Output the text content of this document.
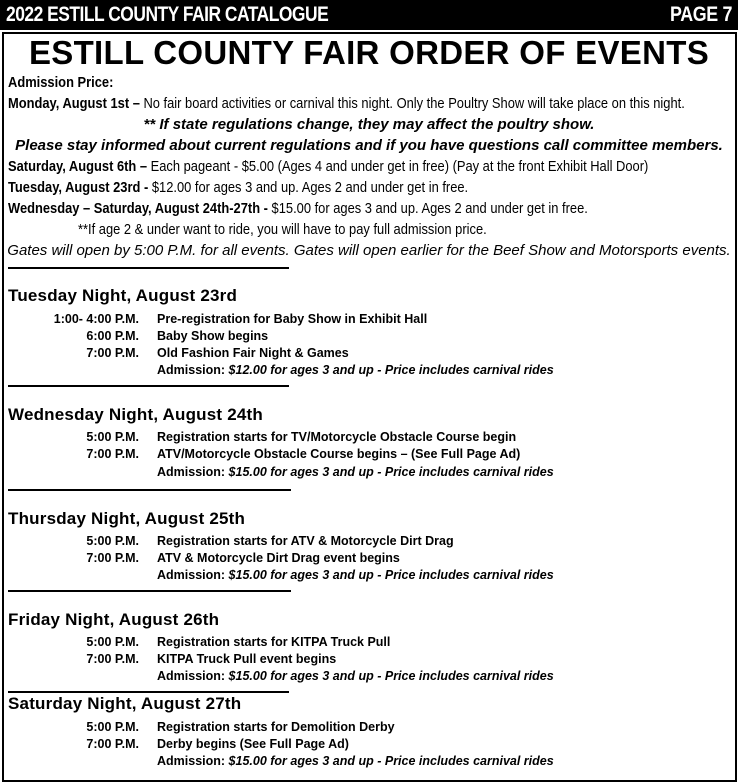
2022 ESTILL COUNTY FAIR CATALOGUE	PAGE 7
ESTILL COUNTY FAIR ORDER OF EVENTS
Admission Price:
Monday, August 1st – No fair board activities or carnival this night. Only the Poultry Show will take place on this night.
** If state regulations change, they may affect the poultry show.
Please stay informed about current regulations and if you have questions call committee members.
Saturday, August 6th – Each pageant - $5.00 (Ages 4 and under get in free) (Pay at the front Exhibit Hall Door)
Tuesday, August 23rd - $12.00 for ages 3 and up. Ages 2 and under get in free.
Wednesday – Saturday, August 24th-27th - $15.00 for ages 3 and up. Ages 2 and under get in free.
**If age 2 & under want to ride, you will have to pay full admission price.
Gates will open by 5:00 P.M. for all events. Gates will open earlier for the Beef Show and Motorsports events.
Tuesday Night, August 23rd
1:00- 4:00 P.M. Pre-registration for Baby Show in Exhibit Hall
6:00 P.M. Baby Show begins
7:00 P.M. Old Fashion Fair Night & Games
Admission: $12.00 for ages 3 and up - Price includes carnival rides
Wednesday Night, August 24th
5:00 P.M. Registration starts for TV/Motorcycle Obstacle Course begin
7:00 P.M. ATV/Motorcycle Obstacle Course begins – (See Full Page Ad)
Admission: $15.00 for ages 3 and up - Price includes carnival rides
Thursday Night, August 25th
5:00 P.M. Registration starts for ATV & Motorcycle Dirt Drag
7:00 P.M. ATV & Motorcycle Dirt Drag event begins
Admission: $15.00 for ages 3 and up - Price includes carnival rides
Friday Night, August 26th
5:00 P.M. Registration starts for KITPA Truck Pull
7:00 P.M. KITPA Truck Pull event begins
Admission: $15.00 for ages 3 and up - Price includes carnival rides
Saturday Night, August 27th
5:00 P.M. Registration starts for Demolition Derby
7:00 P.M. Derby begins (See Full Page Ad)
Admission: $15.00 for ages 3 and up - Price includes carnival rides
